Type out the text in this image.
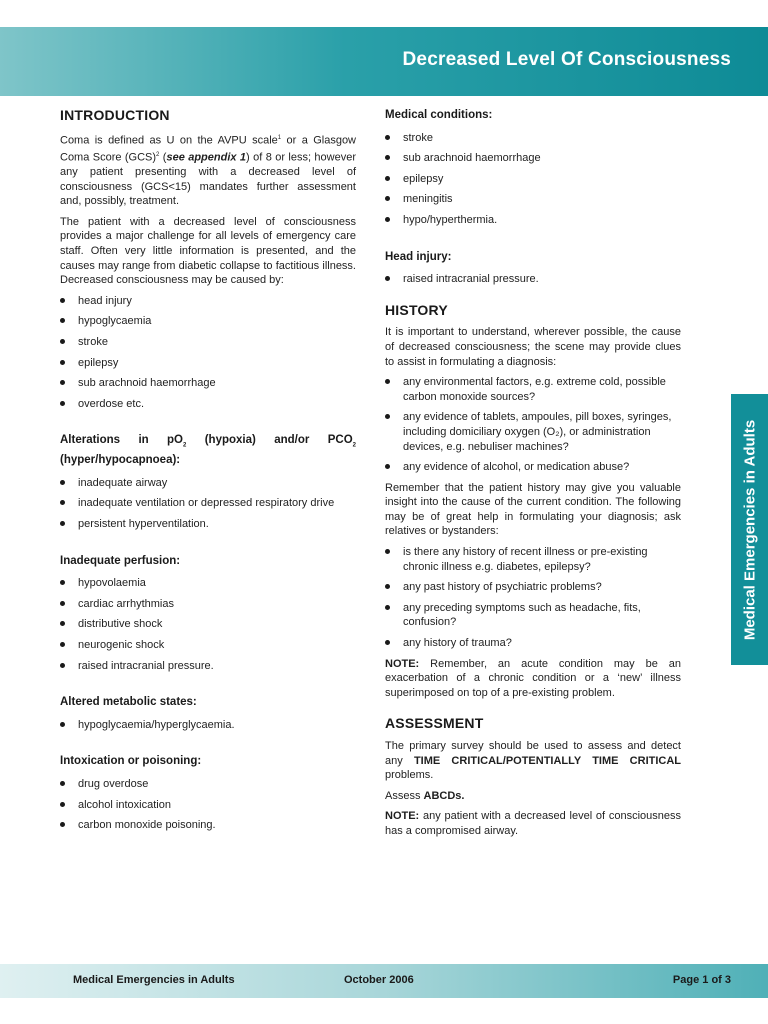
Decreased Level Of Consciousness
INTRODUCTION

Coma is defined as U on the AVPU scale$^1$ or a Glasgow Coma Score (GCS)$^2$ (see appendix 1) of 8 or less; however any patient presenting with a decreased level of consciousness (GCS<15) mandates further assessment and, possibly, treatment.

The patient with a decreased level of consciousness provides a major challenge for all levels of emergency care staff. Often very little information is presented, and the causes may range from diabetic collapse to factitious illness. Decreased consciousness may be caused by:

head injury
hypoglycaemia
stroke
epilepsy
sub arachnoid haemorrhage
overdose etc.
Alterations in $pO_2$ (hypoxia) and/or $PCO_2$ (hyper/hypocapnoea):
inadequate airway
inadequate ventilation or depressed respiratory drive
persistent hyperventilation.
Inadequate perfusion:
hypovolaemia
cardiac arrhythmias
distributive shock
neurogenic shock
raised intracranial pressure.
Altered metabolic states:
hypoglycaemia/hyperglycaemia.
Intoxication or poisoning:
drug overdose
alcohol intoxication
carbon monoxide poisoning.
Medical conditions:
stroke
sub arachnoid haemorrhage
epilepsy
meningitis
hypo/hyperthermia.
Head injury:
raised intracranial pressure.
HISTORY

It is important to understand, wherever possible, the cause of decreased consciousness; the scene may provide clues to assist in formulating a diagnosis:

any environmental factors, e.g. extreme cold, possible carbon monoxide sources?
any evidence of tablets, ampoules, pill boxes, syringes, including domiciliary oxygen (O₂), or administration devices, e.g. nebuliser machines?
any evidence of alcohol, or medication abuse?

Remember that the patient history may give you valuable insight into the cause of the current condition. The following may be of great help in formulating your diagnosis; ask relatives or bystanders:

is there any history of recent illness or pre-existing chronic illness e.g. diabetes, epilepsy?
any past history of psychiatric problems?
any preceding symptoms such as headache, fits, confusion?
any history of trauma?

NOTE: Remember, an acute condition may be an exacerbation of a chronic condition or a ‘new’ illness superimposed on top of a pre-existing problem.

ASSESSMENT

The primary survey should be used to assess and detect any TIME CRITICAL/POTENTIALLY TIME CRITICAL problems.

Assess ABCDs.

NOTE: any patient with a decreased level of consciousness has a compromised airway.

Medical Emergencies in Adults
Medical Emergencies in Adults	October 2006	Page 1 of 3
